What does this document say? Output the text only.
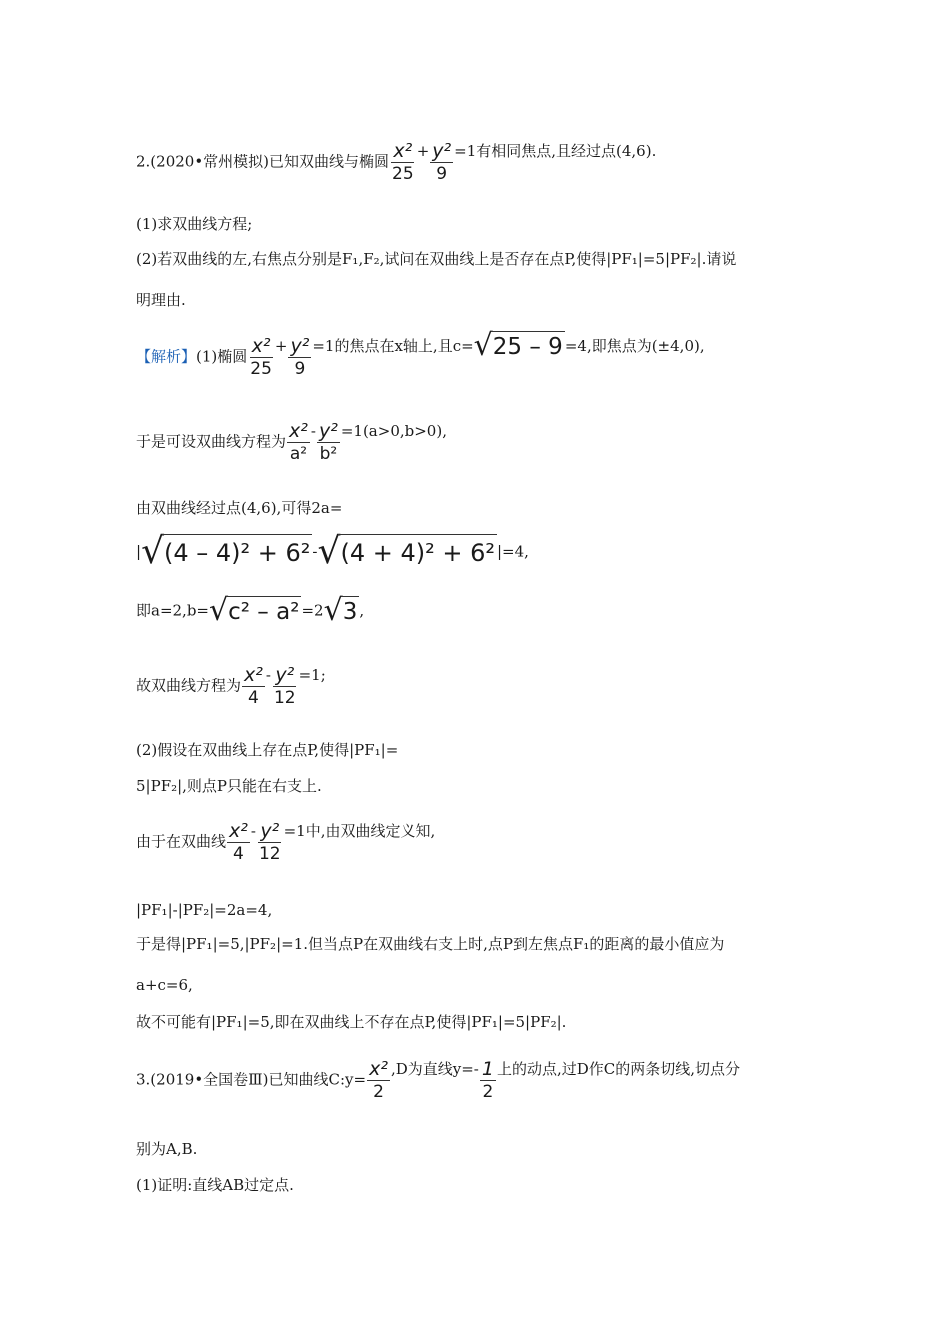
2.(2020•常州模拟)已知双曲线与椭圆 $\frac{\text{x²}}{25} + \frac{\text{y²}}{9} =1$有相同焦点,且经过点(4,6).
(1)求双曲线方程;
(2)若双曲线的左,右焦点分别是F₁,F₂,试问在双曲线上是否存在点P,使得|PF₁|=5|PF₂|.请说
明理由.
【解析】(1)椭圆 $\frac{\text{x²}}{25} + \frac{\text{y²}}{9} =1$的焦点在x轴上,且c= √ 25 – 9 =4,即焦点为(±4,0),
于是可设双曲线方程为 $\frac{\text{x²}}{\text{a²}} - \frac{\text{y²}}{\text{b²}} =1(a>0,b>0)$,
由双曲线经过点(4,6),可得2a=
| √ (4 – 4)² + 6² - √ (4 + 4)² + 6² |=4,
即a=2,b= √ c² – a² =2 √ 3 ,
故双曲线方程为 $\frac{\text{x²}}{4} - \frac{\text{y²}}{12} =1$;
(2)假设在双曲线上存在点P,使得|PF₁|=
5|PF₂|,则点P只能在右支上.
由于在双曲线 $\frac{\text{x²}}{4} - \frac{\text{y²}}{12} =1$中,由双曲线定义知,
|PF₁|-|PF₂|=2a=4,
于是得|PF₁|=5,|PF₂|=1.但当点P在双曲线右支上时,点P到左焦点F₁的距离的最小值应为
a+c=6,
故不可能有|PF₁|=5,即在双曲线上不存在点P,使得|PF₁|=5|PF₂|.
3.(2019•全国卷Ⅲ)已知曲线C:y= $\frac{\text{x²}}{2} ,D$为直线$y=- \frac{1}{2}$ 上的动点,过D作C的两条切线,切点分
别为A,B.
(1)证明:直线AB过定点.
